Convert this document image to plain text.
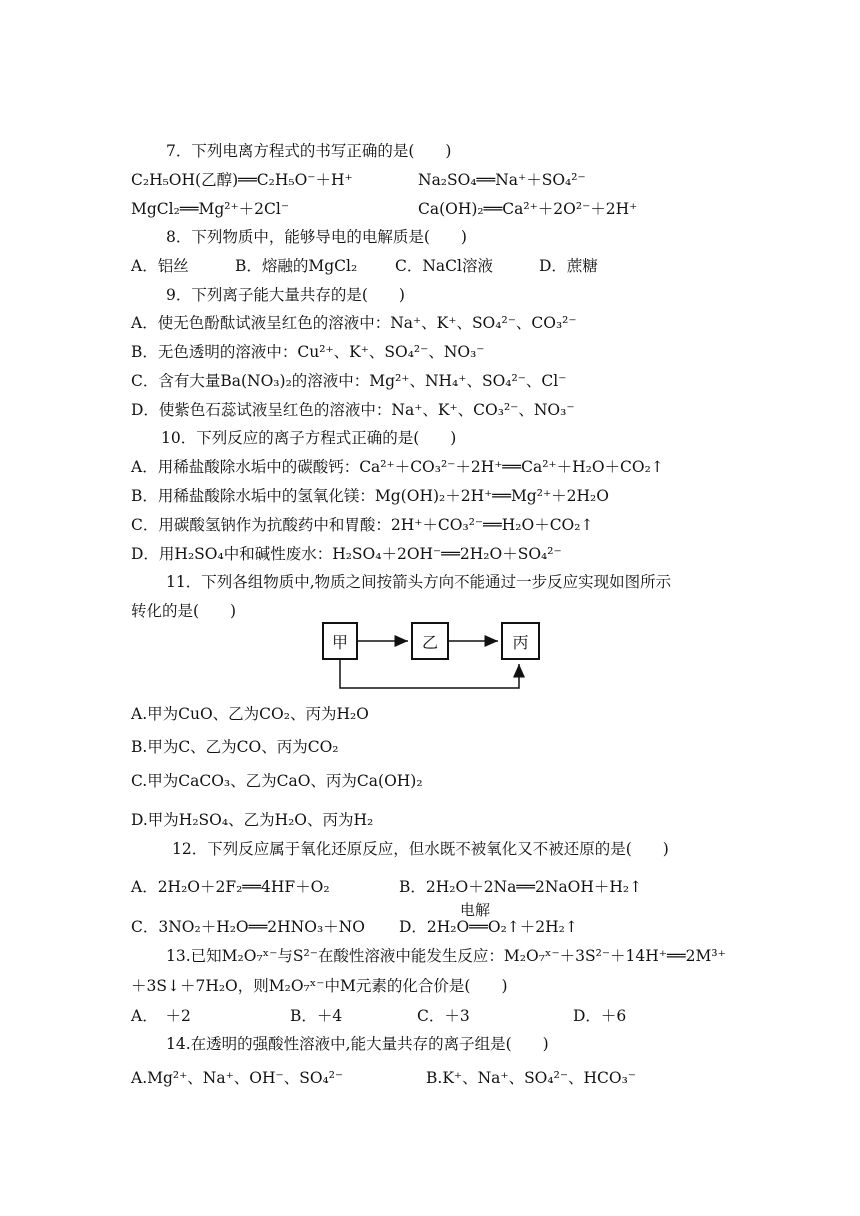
7．下列电离方程式的书写正确的是(　　)
C₂H₅OH(乙醇)══C₂H₅O⁻＋H⁺	Na₂SO₄══Na⁺＋SO₄²⁻
MgCl₂══Mg²⁺＋2Cl⁻	Ca(OH)₂══Ca²⁺＋2O²⁻＋2H⁺
8．下列物质中，能够导电的电解质是(　　)
A．铝丝	B．熔融的MgCl₂ C．NaCl溶液	D．蔗糖
9．下列离子能大量共存的是(　　)
A．使无色酚酞试液呈红色的溶液中：Na⁺、K⁺、SO₄²⁻、CO₃²⁻
B．无色透明的溶液中：Cu²⁺、K⁺、SO₄²⁻、NO₃⁻
C．含有大量Ba(NO₃)₂的溶液中：Mg²⁺、NH₄⁺、SO₄²⁻、Cl⁻
D．使紫色石蕊试液呈红色的溶液中：Na⁺、K⁺、CO₃²⁻、NO₃⁻
10．下列反应的离子方程式正确的是(　　)
A．用稀盐酸除水垢中的碳酸钙：Ca²⁺＋CO₃²⁻＋2H⁺══Ca²⁺＋H₂O＋CO₂↑
B．用稀盐酸除水垢中的氢氧化镁：Mg(OH)₂＋2H⁺══Mg²⁺＋2H₂O
C．用碳酸氢钠作为抗酸药中和胃酸：2H⁺＋CO₃²⁻══H₂O＋CO₂↑
D．用H₂SO₄中和碱性废水：H₂SO₄＋2OH⁻══2H₂O＋SO₄²⁻
11．下列各组物质中,物质之间按箭头方向不能通过一步反应实现如图所示
转化的是(　　)
甲	乙	丙
A.甲为CuO、乙为CO₂、丙为H₂O
B.甲为C、乙为CO、丙为CO₂
C.甲为CaCO₃、乙为CaO、丙为Ca(OH)₂
D.甲为H₂SO₄、乙为H₂O、丙为H₂
12．下列反应属于氧化还原反应，但水既不被氧化又不被还原的是(　　)
A．2H₂O＋2F₂══4HF＋O₂	B．2H₂O＋2Na══2NaOH＋H₂↑
C．3NO₂＋H₂O══2HNO₃＋NO
电解
D．2H₂O══O₂↑＋2H₂↑
13.已知M₂O₇ˣ⁻与S²⁻在酸性溶液中能发生反应：M₂O₇ˣ⁻＋3S²⁻＋14H⁺══2M³⁺
＋3S↓＋7H₂O，则M₂O₇ˣ⁻中M元素的化合价是(　　)
A．　＋2	B．＋4	C．＋3	D．＋6
14.在透明的强酸性溶液中,能大量共存的离子组是(　　)
A.Mg²⁺、Na⁺、OH⁻、SO₄²⁻	B.K⁺、Na⁺、SO₄²⁻、HCO₃⁻
